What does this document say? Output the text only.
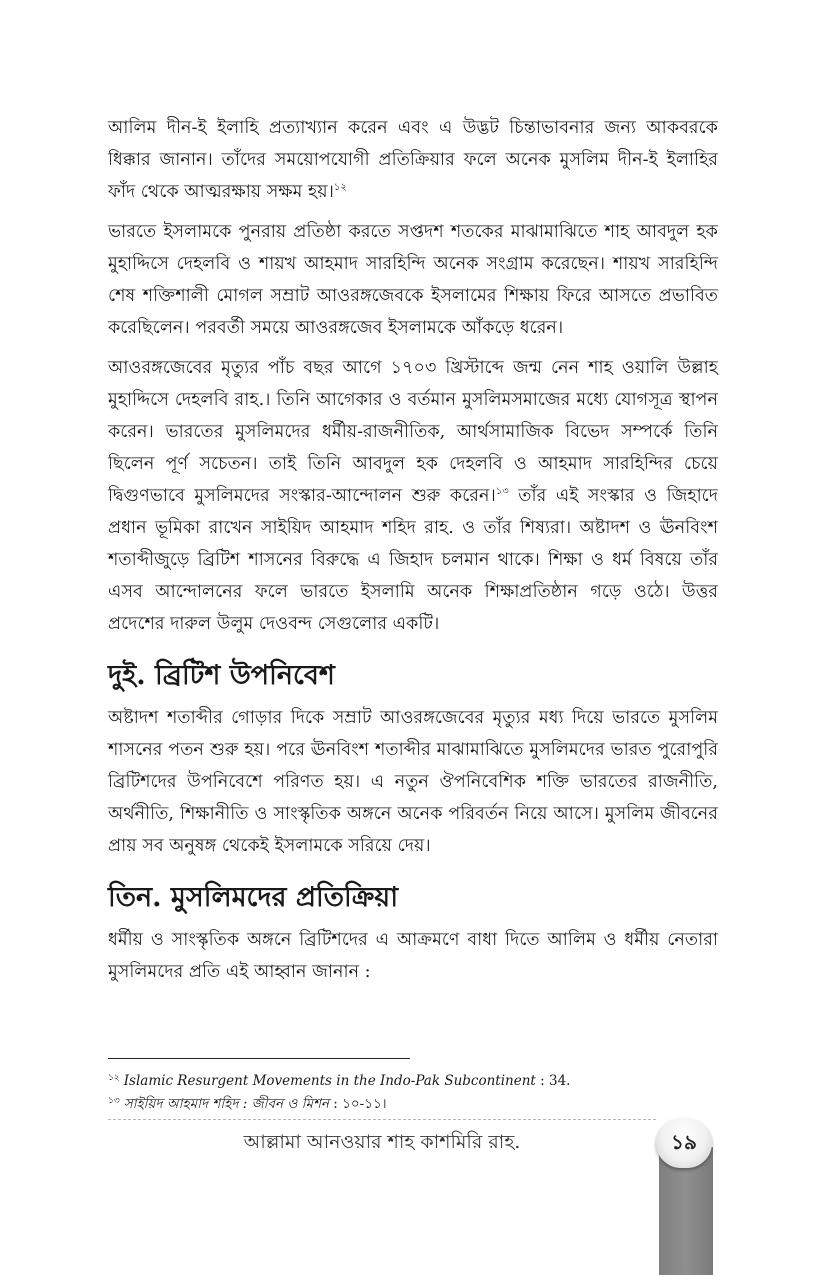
আলিম দীন-ই ইলাহি প্রত্যাখ্যান করেন এবং এ উদ্ভট চিন্তাভাবনার জন্য আকবরকে ধিক্কার জানান। তাঁদের সময়োপযোগী প্রতিক্রিয়ার ফলে অনেক মুসলিম দীন-ই ইলাহির ফাঁদ থেকে আত্মরক্ষায় সক্ষম হয়।$^{১২}$

ভারতে ইসলামকে পুনরায় প্রতিষ্ঠা করতে সপ্তদশ শতকের মাঝামাঝিতে শাহ আবদুল হক মুহাদ্দিসে দেহলবি ও শায়খ আহমাদ সারহিন্দি অনেক সংগ্রাম করেছেন। শায়খ সারহিন্দি শেষ শক্তিশালী মোগল সম্রাট আওরঙ্গজেবকে ইসলামের শিক্ষায় ফিরে আসতে প্রভাবিত করেছিলেন। পরবর্তী সময়ে আওরঙ্গজেব ইসলামকে আঁকড়ে ধরেন।

আওরঙ্গজেবের মৃত্যুর পাঁচ বছর আগে ১৭০৩ খ্রিস্টাব্দে জন্ম নেন শাহ ওয়ালি উল্লাহ মুহাদ্দিসে দেহলবি রাহ.। তিনি আগেকার ও বর্তমান মুসলিমসমাজের মধ্যে যোগসূত্র স্থাপন করেন। ভারতের মুসলিমদের ধর্মীয়-রাজনীতিক, আর্থসামাজিক বিভেদ সম্পর্কে তিনি ছিলেন পূর্ণ সচেতন। তাই তিনি আবদুল হক দেহলবি ও আহমাদ সারহিন্দির চেয়ে দ্বিগুণভাবে মুসলিমদের সংস্কার-আন্দোলন শুরু করেন।$^{১৩}$ তাঁর এই সংস্কার ও জিহাদে প্রধান ভূমিকা রাখেন সাইয়িদ আহমাদ শহিদ রাহ. ও তাঁর শিষ্যরা। অষ্টাদশ ও ঊনবিংশ শতাব্দীজুড়ে ব্রিটিশ শাসনের বিরুদ্ধে এ জিহাদ চলমান থাকে। শিক্ষা ও ধর্ম বিষয়ে তাঁর এসব আন্দোলনের ফলে ভারতে ইসলামি অনেক শিক্ষাপ্রতিষ্ঠান গড়ে ওঠে। উত্তর প্রদেশের দারুল উলুম দেওবন্দ সেগুলোর একটি।

দুই. ব্রিটিশ উপনিবেশ

অষ্টাদশ শতাব্দীর গোড়ার দিকে সম্রাট আওরঙ্গজেবের মৃত্যুর মধ্য দিয়ে ভারতে মুসলিম শাসনের পতন শুরু হয়। পরে ঊনবিংশ শতাব্দীর মাঝামাঝিতে মুসলিমদের ভারত পুরোপুরি ব্রিটিশদের উপনিবেশে পরিণত হয়। এ নতুন ঔপনিবেশিক শক্তি ভারতের রাজনীতি, অর্থনীতি, শিক্ষানীতি ও সাংস্কৃতিক অঙ্গনে অনেক পরিবর্তন নিয়ে আসে। মুসলিম জীবনের প্রায় সব অনুষঙ্গ থেকেই ইসলামকে সরিয়ে দেয়।

তিন. মুসলিমদের প্রতিক্রিয়া

ধর্মীয় ও সাংস্কৃতিক অঙ্গনে ব্রিটিশদের এ আক্রমণে বাধা দিতে আলিম ও ধর্মীয় নেতারা মুসলিমদের প্রতি এই আহ্বান জানান :

$^{১২}$ Islamic Resurgent Movements in the Indo-Pak Subcontinent : 34.

$^{১৩}$ সাইয়িদ আহমাদ শহিদ : জীবন ও মিশন : ১০-১১।

আল্লামা আনওয়ার শাহ কাশমিরি রাহ.	১৯
